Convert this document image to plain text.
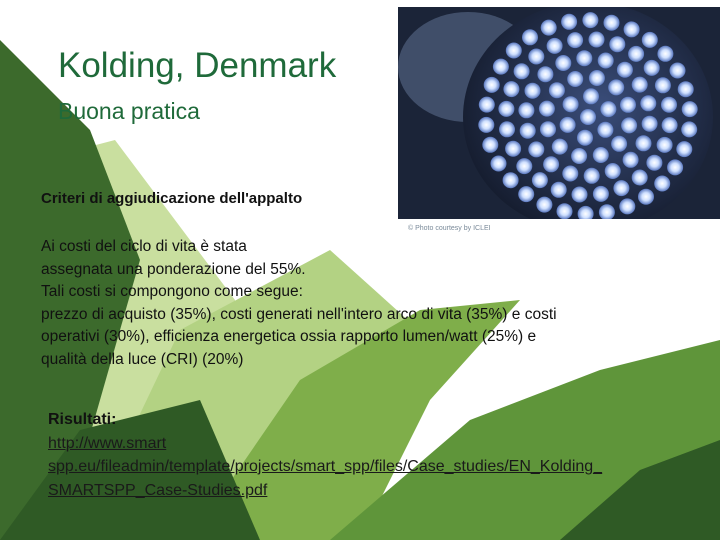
© Photo courtesy by ICLEI
Kolding, Denmark
Buona pratica
Criteri di aggiudicazione dell'appalto
Ai costi del ciclo di vita è stata
assegnata una ponderazione del 55%.
Tali costi si compongono come segue:
prezzo di acquisto (35%), costi generati nell'intero arco di vita (35%) e costi
operativi (30%), efficienza energetica ossia rapporto lumen/watt (25%) e
qualità della luce (CRI) (20%)
Risultati:
http://www.smart
spp.eu/fileadmin/template/projects/smart_spp/files/Case_studies/EN_Kolding_
SMARTSPP_Case-Studies.pdf
